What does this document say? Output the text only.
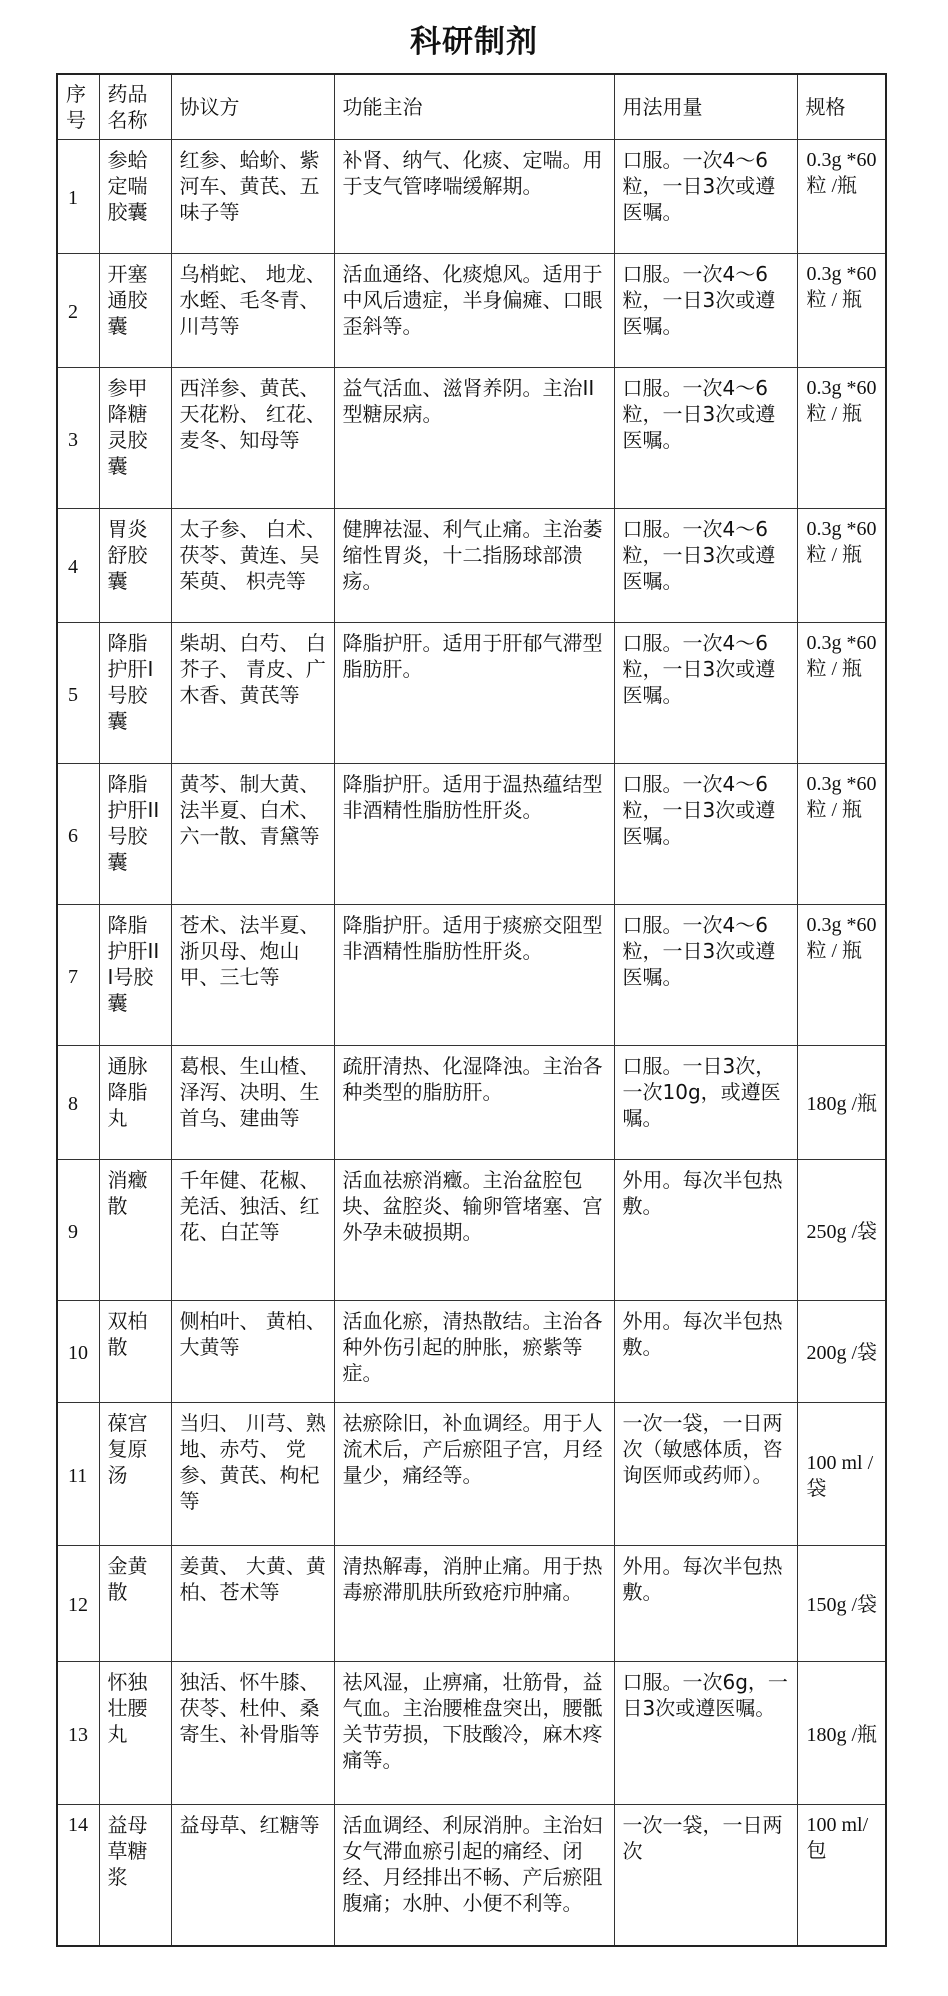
科研制剂
序号	药品名称	协议方	功能主治	用法用量	规格
1	参蛤定喘胶囊	红参、蛤蚧、紫河车、黄芪、五味子等	补肾、纳气、化痰、定喘。用于支气管哮喘缓解期。	口服。一次4～6粒，一日3次或遵医嘱。	0.3g *60粒 /瓶
2	开塞通胶囊	乌梢蛇、 地龙、水蛭、毛冬青、川芎等	活血通络、化痰熄风。适用于中风后遗症，半身偏瘫、口眼歪斜等。	口服。一次4～6粒，一日3次或遵医嘱。	0.3g *60 粒 / 瓶
3	参甲降糖灵胶囊	西洋参、黄芪、天花粉、 红花、麦冬、知母等	益气活血、滋肾养阴。主治II型糖尿病。	口服。一次4～6粒，一日3次或遵医嘱。	0.3g *60 粒 / 瓶
4	胃炎舒胶囊	太子参、 白术、茯苓、黄连、吴茱萸、 枳壳等	健脾祛湿、利气止痛。主治萎缩性胃炎，十二指肠球部溃疡。	口服。一次4～6粒，一日3次或遵医嘱。	0.3g *60 粒 / 瓶
5	降脂护肝I号胶囊	柴胡、白芍、 白芥子、 青皮、广木香、黄芪等	降脂护肝。适用于肝郁气滞型脂肪肝。	口服。一次4～6粒，一日3次或遵医嘱。	0.3g *60 粒 / 瓶
6	降脂护肝II号胶囊	黄芩、制大黄、法半夏、白术、六一散、青黛等	降脂护肝。适用于温热蕴结型非酒精性脂肪性肝炎。	口服。一次4～6粒，一日3次或遵医嘱。	0.3g *60 粒 / 瓶
7	降脂护肝III号胶囊	苍术、法半夏、浙贝母、炮山甲、三七等	降脂护肝。适用于痰瘀交阻型非酒精性脂肪性肝炎。	口服。一次4～6粒，一日3次或遵医嘱。	0.3g *60 粒 / 瓶
8	通脉降脂丸	葛根、生山楂、泽泻、决明、生首乌、建曲等	疏肝清热、化湿降浊。主治各种类型的脂肪肝。	口服。一日3次，一次10g，或遵医嘱。	180g /瓶
9	消癥散	千年健、花椒、羌活、独活、红花、白芷等	活血祛瘀消癥。主治盆腔包块、盆腔炎、输卵管堵塞、宫外孕未破损期。	外用。每次半包热敷。	250g /袋
10	双柏散	侧柏叶、 黄柏、大黄等	活血化瘀，清热散结。主治各种外伤引起的肿胀，瘀紫等症。	外用。每次半包热敷。	200g /袋
11	葆宫复原汤	当归、 川芎、熟地、赤芍、 党参、黄芪、枸杞等	祛瘀除旧，补血调经。用于人流术后，产后瘀阻子宫，月经量少，痛经等。	一次一袋，一日两次（敏感体质，咨询医师或药师）。	100 ml /袋
12	金黄散	姜黄、 大黄、黄柏、苍术等	清热解毒，消肿止痛。用于热毒瘀滞肌肤所致疮疖肿痛。	外用。每次半包热敷。	150g /袋
13	怀独壮腰丸	独活、怀牛膝、茯苓、杜仲、桑寄生、补骨脂等	祛风湿，止痹痛，壮筋骨，益气血。主治腰椎盘突出，腰骶关节劳损，下肢酸冷，麻木疼痛等。	口服。一次6g，一日3次或遵医嘱。	180g /瓶
14	益母草糖浆	益母草、红糖等	活血调经、利尿消肿。主治妇女气滞血瘀引起的痛经、闭经、月经排出不畅、产后瘀阻腹痛；水肿、小便不利等。	一次一袋，一日两次	100 ml/ 包
